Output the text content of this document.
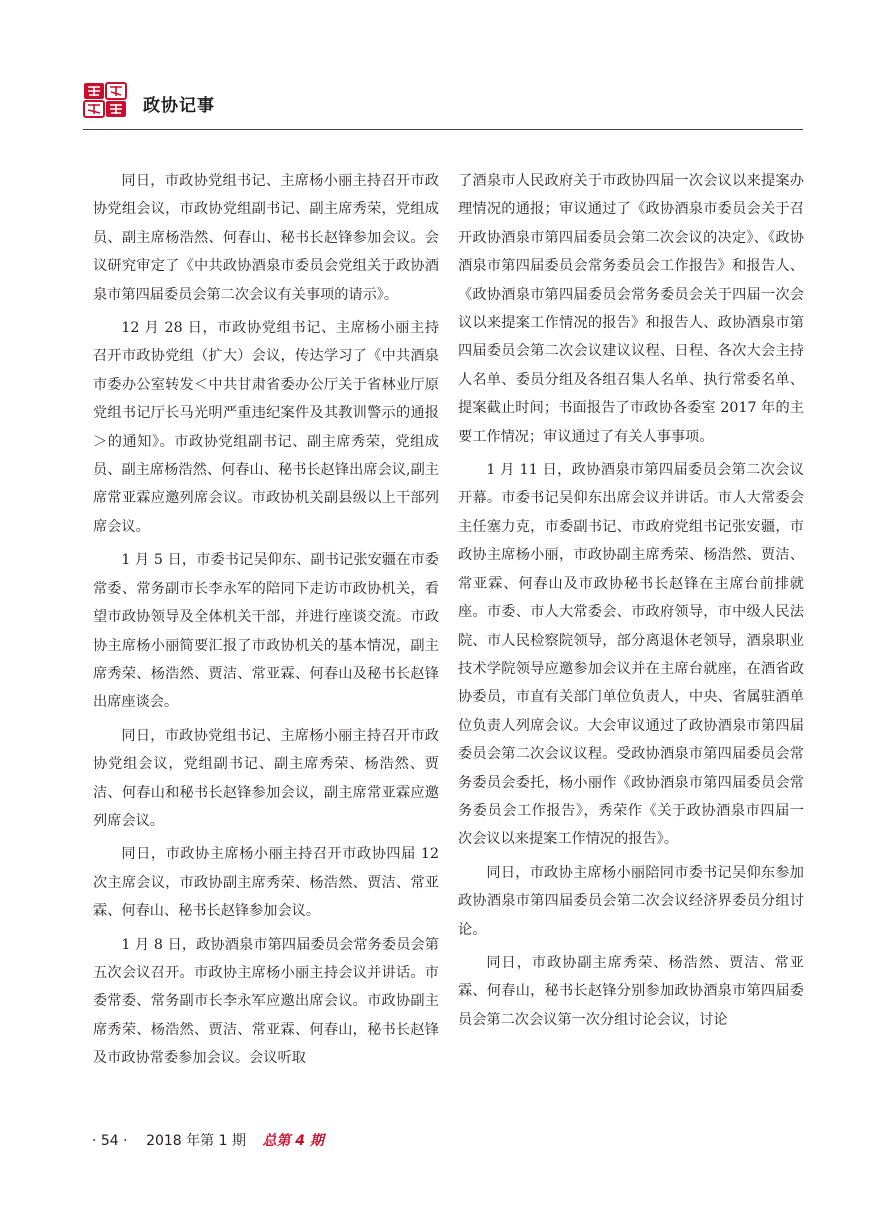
政协记事

同日，市政协党组书记、主席杨小丽主持召开市政协党组会议，市政协党组副书记、副主席秀荣，党组成员、副主席杨浩然、何春山、秘书长赵锋参加会议。会议研究审定了《中共政协酒泉市委员会党组关于政协酒泉市第四届委员会第二次会议有关事项的请示》。

12 月 28 日，市政协党组书记、主席杨小丽主持召开市政协党组（扩大）会议，传达学习了《中共酒泉市委办公室转发＜中共甘肃省委办公厅关于省林业厅原党组书记厅长马光明严重违纪案件及其教训警示的通报＞的通知》。市政协党组副书记、副主席秀荣，党组成员、副主席杨浩然、何春山、秘书长赵锋出席会议,副主席常亚霖应邀列席会议。市政协机关副县级以上干部列席会议。

1 月 5 日，市委书记吴仰东、副书记张安疆在市委常委、常务副市长李永军的陪同下走访市政协机关，看望市政协领导及全体机关干部，并进行座谈交流。市政协主席杨小丽简要汇报了市政协机关的基本情况，副主席秀荣、杨浩然、贾洁、常亚霖、何春山及秘书长赵锋出席座谈会。

同日，市政协党组书记、主席杨小丽主持召开市政协党组会议，党组副书记、副主席秀荣、杨浩然、贾洁、何春山和秘书长赵锋参加会议，副主席常亚霖应邀列席会议。

同日，市政协主席杨小丽主持召开市政协四届 12 次主席会议，市政协副主席秀荣、杨浩然、贾洁、常亚霖、何春山、秘书长赵锋参加会议。

1 月 8 日，政协酒泉市第四届委员会常务委员会第五次会议召开。市政协主席杨小丽主持会议并讲话。市委常委、常务副市长李永军应邀出席会议。市政协副主席秀荣、杨浩然、贾洁、常亚霖、何春山，秘书长赵锋及市政协常委参加会议。会议听取

了酒泉市人民政府关于市政协四届一次会议以来提案办理情况的通报；审议通过了《政协酒泉市委员会关于召开政协酒泉市第四届委员会第二次会议的决定》、《政协酒泉市第四届委员会常务委员会工作报告》和报告人、《政协酒泉市第四届委员会常务委员会关于四届一次会议以来提案工作情况的报告》和报告人、政协酒泉市第四届委员会第二次会议建议议程、日程、各次大会主持人名单、委员分组及各组召集人名单、执行常委名单、提案截止时间；书面报告了市政协各委室 2017 年的主要工作情况；审议通过了有关人事事项。

1 月 11 日，政协酒泉市第四届委员会第二次会议开幕。市委书记吴仰东出席会议并讲话。市人大常委会主任塞力克，市委副书记、市政府党组书记张安疆，市政协主席杨小丽，市政协副主席秀荣、杨浩然、贾洁、常亚霖、何春山及市政协秘书长赵锋在主席台前排就座。市委、市人大常委会、市政府领导，市中级人民法院、市人民检察院领导，部分离退休老领导，酒泉职业技术学院领导应邀参加会议并在主席台就座，在酒省政协委员，市直有关部门单位负责人，中央、省属驻酒单位负责人列席会议。大会审议通过了政协酒泉市第四届委员会第二次会议议程。受政协酒泉市第四届委员会常务委员会委托，杨小丽作《政协酒泉市第四届委员会常务委员会工作报告》，秀荣作《关于政协酒泉市四届一次会议以来提案工作情况的报告》。

同日，市政协主席杨小丽陪同市委书记吴仰东参加政协酒泉市第四届委员会第二次会议经济界委员分组讨论。

同日，市政协副主席秀荣、杨浩然、贾洁、常亚霖、何春山，秘书长赵锋分别参加政协酒泉市第四届委员会第二次会议第一次分组讨论会议，讨论

· 54 · 2018 年第 1 期 总第 4 期
